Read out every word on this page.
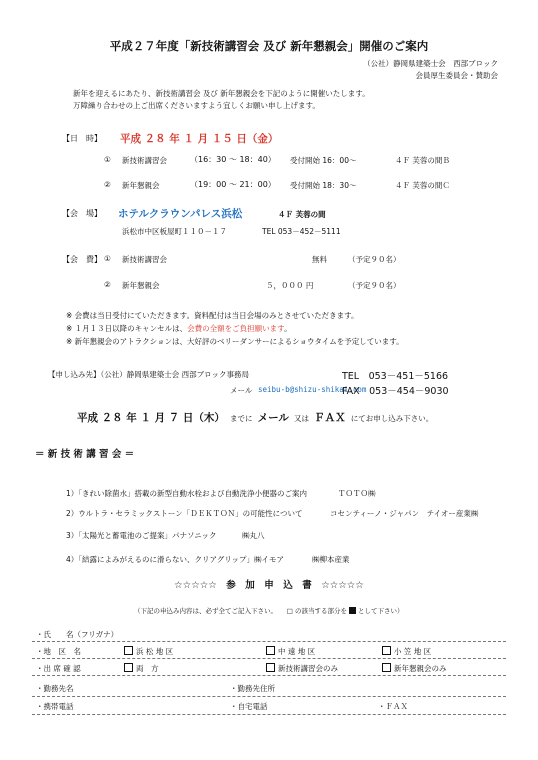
平成２７年度「新技術講習会 及び 新年懇親会」開催のご案内
（公社）静岡県建築士会　西部ブロック
会員厚生委員会・賛助会
新年を迎えるにあたり、新技術講習会 及び 新年懇親会を下記のように開催いたします。
万障繰り合わせの上ご出席くださいますよう宜しくお願い申し上げます。
【日　時】 平成 ２８ 年 １ 月 １５ 日（金）
① 新技術講習会	（16：30 ～ 18：40） 受付開始 16：00～	４Ｆ 芙蓉の間Ｂ
② 新年懇親会	（19：00 ～ 21：00） 受付開始 18：30～	４Ｆ 芙蓉の間Ｃ
【会　場】 ホテルクラウンパレス浜松	４Ｆ 芙蓉の間
浜松市中区板屋町１１０－１７	TEL 053－452－5111
【会　費】 ① 新技術講習会	無料	（予定９０名）
② 新年懇親会	５，０００ 円	（予定９０名）
※ 会費は当日受付にていただきます。資料配付は当日会場のみとさせていただきます。
※ １月１３日以降のキャンセルは、会費の全額をご負担願います。
※ 新年懇親会のアトラクションは、大好評のベリーダンサーによるショウタイムを予定しています。
【申し込み先】（公社）静岡県建築士会 西部ブロック事務局
メール seibu-b@shizu-shikai.com
TEL　053－451－5166
FAX　053－454－9030
平成 ２８ 年 １ 月 ７ 日（木） までに メール 又は ＦＡＸ にてお申し込み下さい。
＝ 新 技 術 講 習 会 ＝
1）「きれい除菌水」搭載の新型自動水栓および自動洗浄小便器のご案内	ＴＯＴＯ㈱
2）ウルトラ・セラミックストーン「ＤＥＫＴＯＮ」の可能性について	コセンティーノ・ジャパン　テイオー産業㈱
3）「太陽光と蓄電池のご提案」パナソニック	㈱丸八
4）「結露によみがえるのに滑らない、クリアグリップ」㈱イモア	㈱柳本産業
☆☆☆☆☆　参　加　申　込　書　☆☆☆☆☆
（下記の申込み内容は、必ず全てご記入下さい。　　□ の該当する部分を として下さい）
・氏　　名（フリガナ）
・地　区　名	浜 松 地 区	中 遠 地 区	小 笠 地 区
・出 席 確 認	両　方	新技術講習会のみ	新年懇親会のみ
・勤務先名	・勤務先住所
・携帯電話	・自宅電話	・ＦＡＸ
